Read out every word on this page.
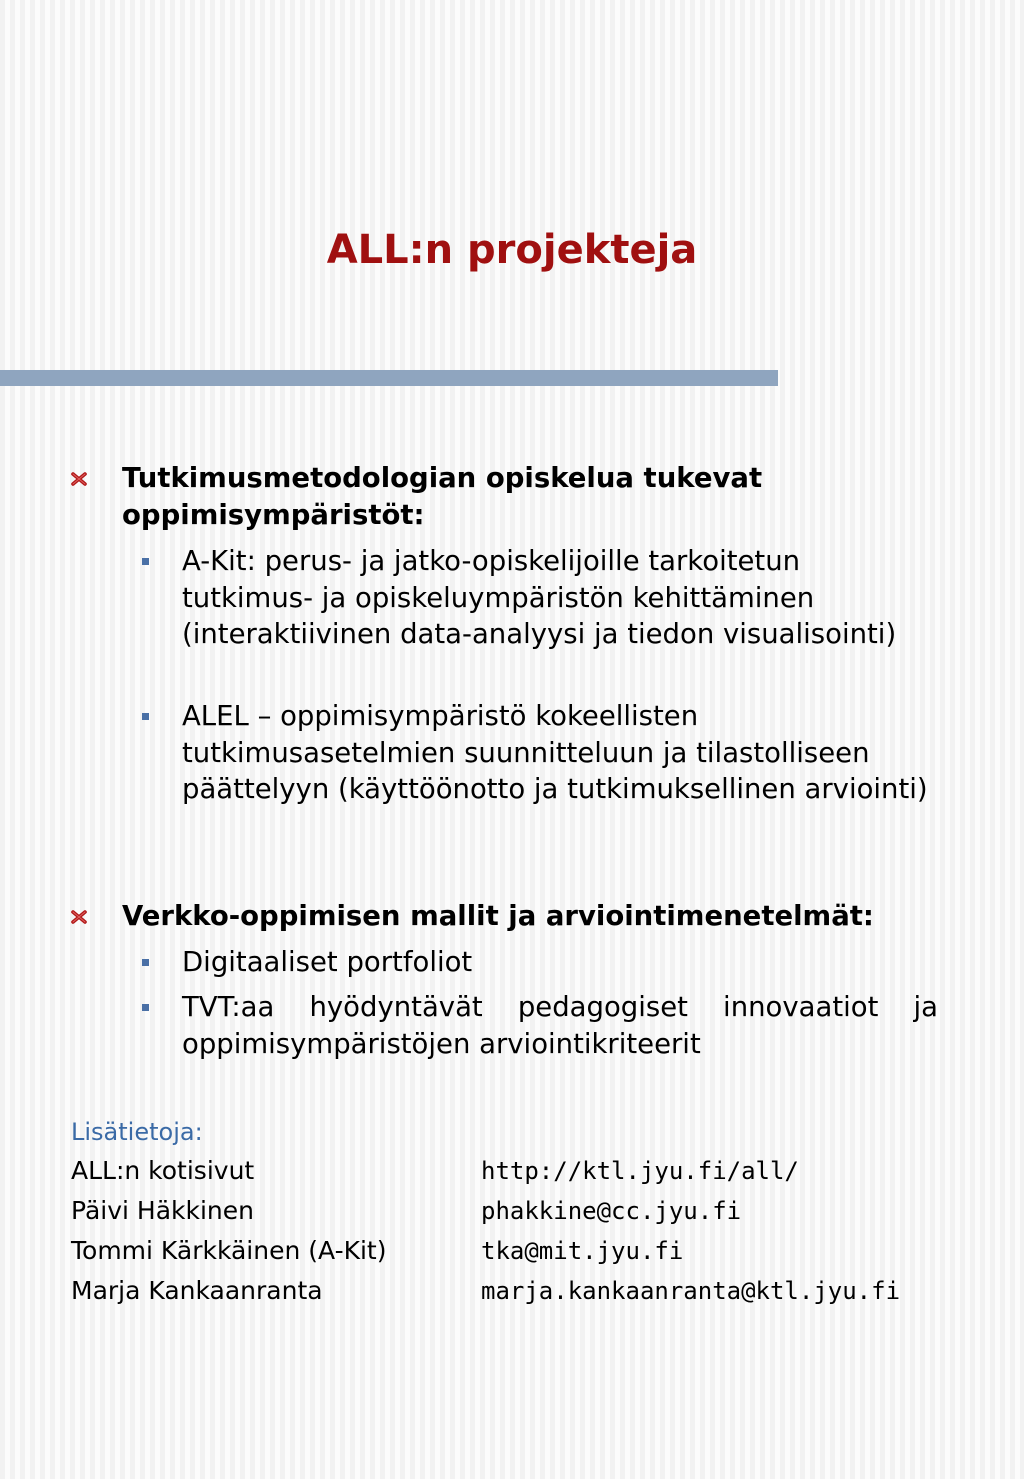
ALL:n projekteja
Tutkimusmetodologian opiskelua tukevat oppimisympäristöt:
A-Kit: perus- ja jatko-opiskelijoille tarkoitetun tutkimus- ja opiskeluympäristön kehittäminen (interaktiivinen data-analyysi ja tiedon visualisointi)
ALEL – oppimisympäristö kokeellisten tutkimusasetelmien suunnitteluun ja tilastolliseen päättelyyn (käyttöönotto ja tutkimuksellinen arviointi)
Verkko-oppimisen mallit ja arviointimenetelmät:
Digitaaliset portfoliot
TVT:aa hyödyntävät pedagogiset innovaatiot ja oppimisympäristöjen arviointikriteerit
Lisätietoja:
ALL:n kotisivut	http://ktl.jyu.fi/all/
Päivi Häkkinen	phakkine@cc.jyu.fi
Tommi Kärkkäinen (A-Kit)	tka@mit.jyu.fi
Marja Kankaanranta	marja.kankaanranta@ktl.jyu.fi
